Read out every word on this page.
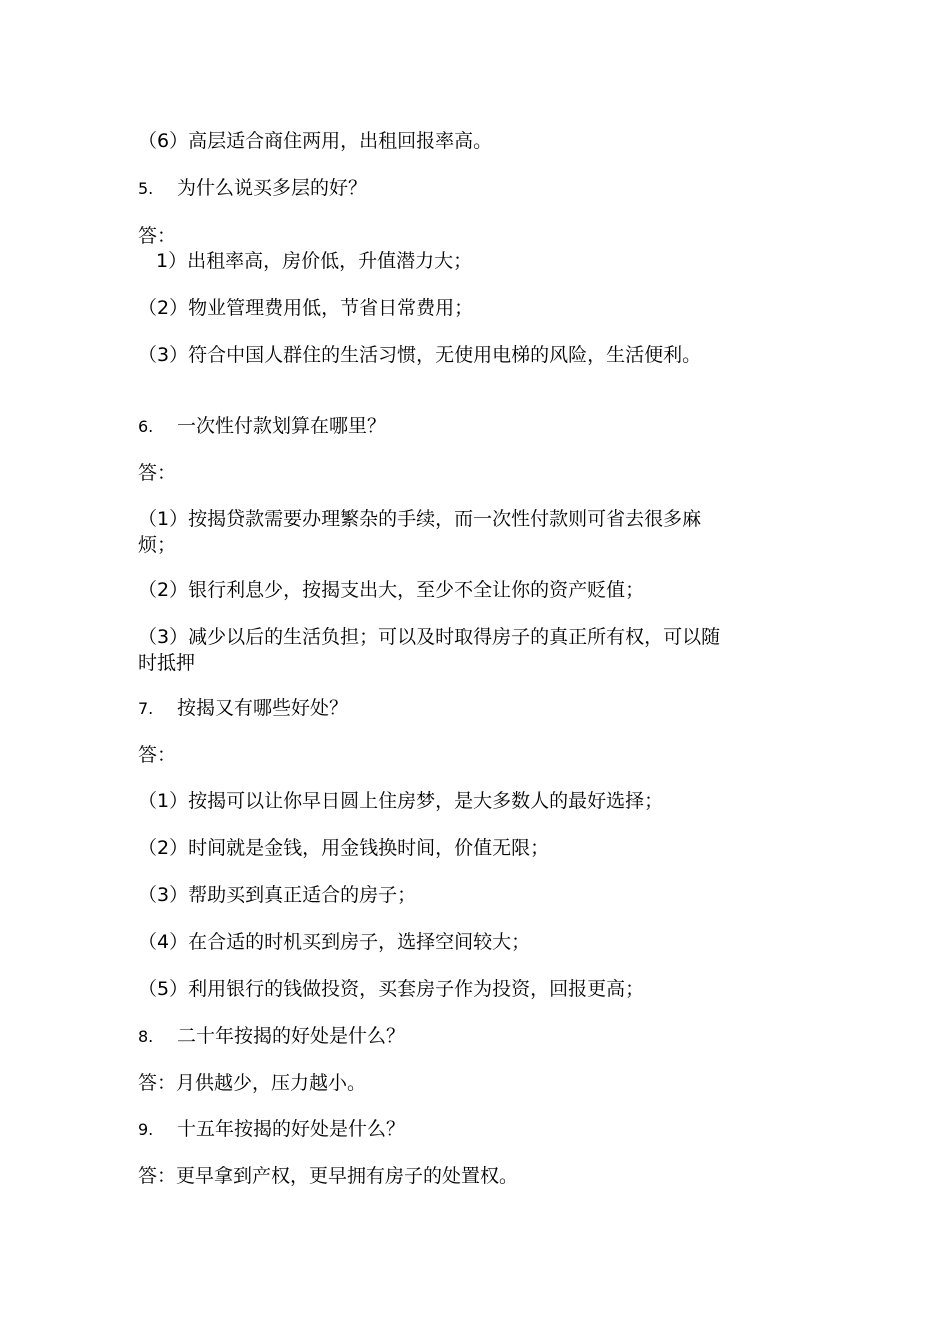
（6）高层适合商住两用，出租回报率高。
5. 为什么说买多层的好？
答：
1）出租率高，房价低，升值潜力大；
（2）物业管理费用低，节省日常费用；
（3）符合中国人群住的生活习惯，无使用电梯的风险，生活便利。
6. 一次性付款划算在哪里？
答：
（1）按揭贷款需要办理繁杂的手续，而一次性付款则可省去很多麻烦；
（2）银行利息少，按揭支出大，至少不全让你的资产贬值；
（3）减少以后的生活负担；可以及时取得房子的真正所有权，可以随时抵押
7. 按揭又有哪些好处？
答：
（1）按揭可以让你早日圆上住房梦，是大多数人的最好选择；
（2）时间就是金钱，用金钱换时间，价值无限；
（3）帮助买到真正适合的房子；
（4）在合适的时机买到房子，选择空间较大；
（5）利用银行的钱做投资，买套房子作为投资，回报更高；
8. 二十年按揭的好处是什么？
答：月供越少，压力越小。
9. 十五年按揭的好处是什么？
答：更早拿到产权，更早拥有房子的处置权。
